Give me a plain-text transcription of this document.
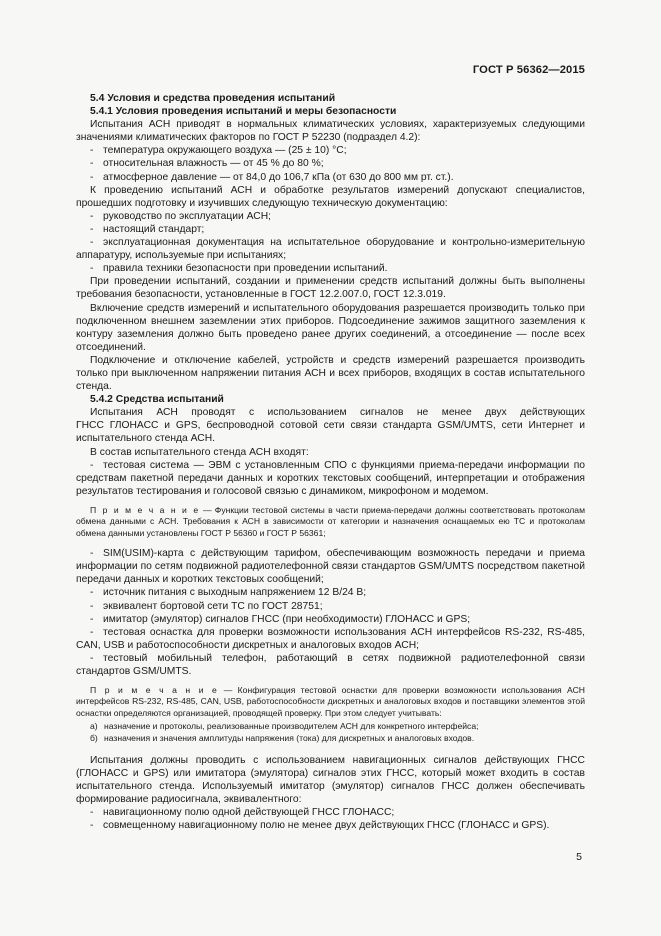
ГОСТ Р 56362—2015

5.4 Условия и средства проведения испытаний

5.4.1 Условия проведения испытаний и меры безопасности

Испытания АСН приводят в нормальных климатических условиях, характеризуемых следующими значениями климатических факторов по ГОСТ Р 52230 (подраздел 4.2):

- температура окружающего воздуха — (25 ± 10) °С;

- относительная влажность — от 45 % до 80 %;

- атмосферное давление — от 84,0 до 106,7 кПа (от 630 до 800 мм рт. ст.).

К проведению испытаний АСН и обработке результатов измерений допускают специалистов, прошедших подготовку и изучивших следующую техническую документацию:

- руководство по эксплуатации АСН;

- настоящий стандарт;

- эксплуатационная документация на испытательное оборудование и контрольно-измерительную аппаратуру, используемые при испытаниях;

- правила техники безопасности при проведении испытаний.

При проведении испытаний, создании и применении средств испытаний должны быть выполнены требования безопасности, установленные в ГОСТ 12.2.007.0, ГОСТ 12.3.019.

Включение средств измерений и испытательного оборудования разрешается производить только при подключенном внешнем заземлении этих приборов. Подсоединение зажимов защитного заземления к контуру заземления должно быть проведено ранее других соединений, а отсоединение — после всех отсоединений.

Подключение и отключение кабелей, устройств и средств измерений разрешается производить только при выключенном напряжении питания АСН и всех приборов, входящих в состав испытательного стенда.

5.4.2 Средства испытаний

Испытания АСН проводят с использованием сигналов не менее двух действующих

ГНСС ГЛОНАСС и GPS, беспроводной сотовой сети связи стандарта GSM/UMTS, сети Интернет и испытательного стенда АСН.

В состав испытательного стенда АСН входят:

- тестовая система — ЭВМ с установленным СПО с функциями приема-передачи информации по средствам пакетной передачи данных и коротких текстовых сообщений, интерпретации и отображения результатов тестирования и голосовой связью с динамиком, микрофоном и модемом.

П р и м е ч а н и е — Функции тестовой системы в части приема-передачи должны соответствовать протоколам обмена данными с АСН. Требования к АСН в зависимости от категории и назначения оснащаемых ею ТС и протоколам обмена данными установлены ГОСТ Р 56360 и ГОСТ Р 56361;

- SIM(USIM)-карта с действующим тарифом, обеспечивающим возможность передачи и приема информации по сетям подвижной радиотелефонной связи стандартов GSM/UMTS посредством пакетной передачи данных и коротких текстовых сообщений;

- источник питания с выходным напряжением 12 В/24 В;

- эквивалент бортовой сети ТС по ГОСТ 28751;

- имитатор (эмулятор) сигналов ГНСС (при необходимости) ГЛОНАСС и GPS;

- тестовая оснастка для проверки возможности использования АСН интерфейсов RS-232, RS-485, CAN, USB и работоспособности дискретных и аналоговых входов АСН;

- тестовый мобильный телефон, работающий в сетях подвижной радиотелефонной связи стандартов GSM/UMTS.

П р и м е ч а н и е — Конфигурация тестовой оснастки для проверки возможности использования АСН интерфейсов RS-232, RS-485, CAN, USB, работоспособности дискретных и аналоговых входов и поставщики элементов этой оснастки определяются организацией, проводящей проверку. При этом следует учитывать:

а) назначение и протоколы, реализованные производителем АСН для конкретного интерфейса;

б) назначения и значения амплитуды напряжения (тока) для дискретных и аналоговых входов.

Испытания должны проводить с использованием навигационных сигналов действующих ГНСС (ГЛОНАСС и GPS) или имитатора (эмулятора) сигналов этих ГНСС, который может входить в состав испытательного стенда. Используемый имитатор (эмулятор) сигналов ГНСС должен обеспечивать формирование радиосигнала, эквивалентного:

- навигационному полю одной действующей ГНСС ГЛОНАСС;

- совмещенному навигационному полю не менее двух действующих ГНСС (ГЛОНАСС и GPS).

5
